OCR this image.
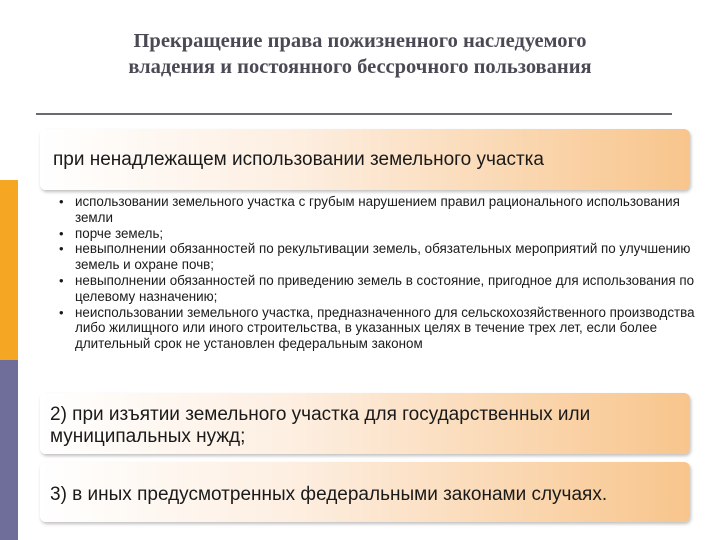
Прекращение права пожизненного наследуемого
владения и постоянного бессрочного пользования
при ненадлежащем использовании земельного участка
• использовании земельного участка с грубым нарушением правил рационального использования земли
• порче земель;
• невыполнении обязанностей по рекультивации земель, обязательных мероприятий по улучшению земель и охране почв;
• невыполнении обязанностей по приведению земель в состояние, пригодное для использования по целевому назначению;
• неиспользовании земельного участка, предназначенного для сельскохозяйственного производства либо жилищного или иного строительства, в указанных целях в течение трех лет, если более длительный срок не установлен федеральным законом
2) при изъятии земельного участка для государственных или муниципальных нужд;
3) в иных предусмотренных федеральными законами случаях.
